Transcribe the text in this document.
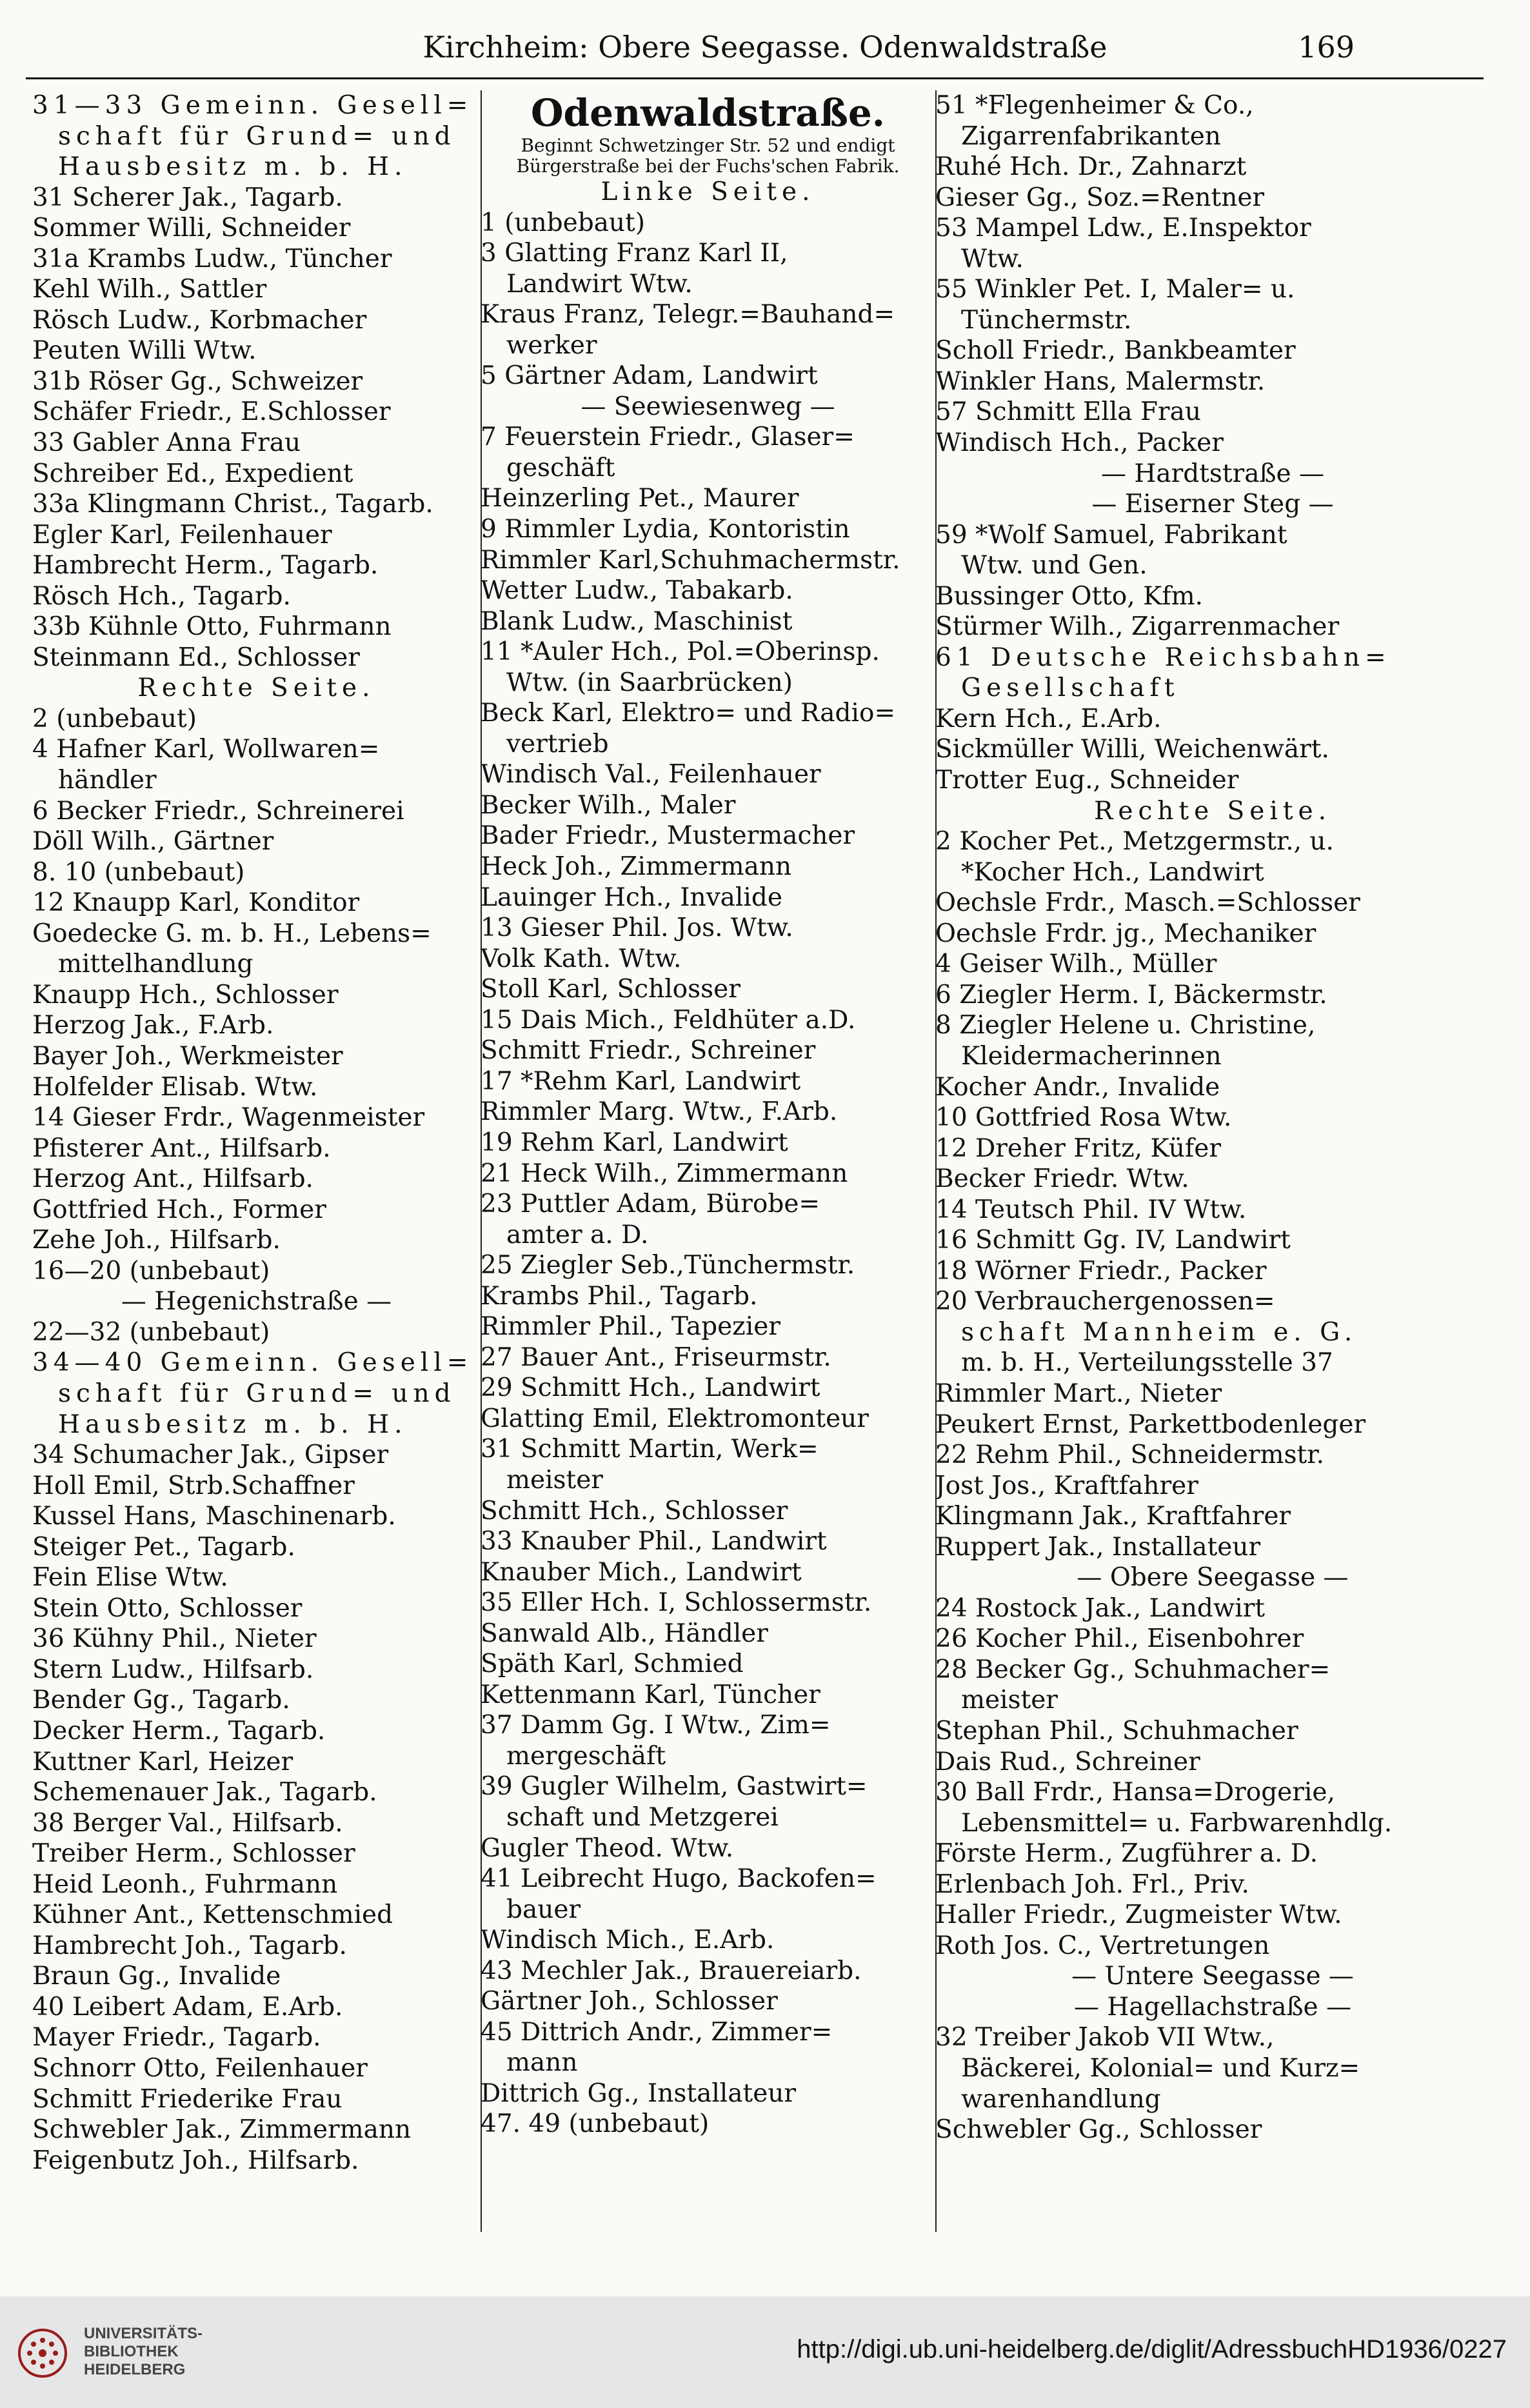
Kirchheim: Obere Seegasse. Odenwaldstraße	169
31—33 Gemeinn. Gesell=
schaft für Grund= und
Hausbesitz m. b. H.
31 Scherer Jak., Tagarb.
Sommer Willi, Schneider
31a Krambs Ludw., Tüncher
Kehl Wilh., Sattler
Rösch Ludw., Korbmacher
Peuten Willi Wtw.
31b Röser Gg., Schweizer
Schäfer Friedr., E.Schlosser
33 Gabler Anna Frau
Schreiber Ed., Expedient
33a Klingmann Christ., Tagarb.
Egler Karl, Feilenhauer
Hambrecht Herm., Tagarb.
Rösch Hch., Tagarb.
33b Kühnle Otto, Fuhrmann
Steinmann Ed., Schlosser
Rechte Seite.
2 (unbebaut)
4 Hafner Karl, Wollwaren=
händler
6 Becker Friedr., Schreinerei
Döll Wilh., Gärtner
8. 10 (unbebaut)
12 Knaupp Karl, Konditor
Goedecke G. m. b. H., Lebens=
mittelhandlung
Knaupp Hch., Schlosser
Herzog Jak., F.Arb.
Bayer Joh., Werkmeister
Holfelder Elisab. Wtw.
14 Gieser Frdr., Wagenmeister
Pfisterer Ant., Hilfsarb.
Herzog Ant., Hilfsarb.
Gottfried Hch., Former
Zehe Joh., Hilfsarb.
16—20 (unbebaut)
— Hegenichstraße —
22—32 (unbebaut)
34—40 Gemeinn. Gesell=
schaft für Grund= und
Hausbesitz m. b. H.
34 Schumacher Jak., Gipser
Holl Emil, Strb.Schaffner
Kussel Hans, Maschinenarb.
Steiger Pet., Tagarb.
Fein Elise Wtw.
Stein Otto, Schlosser
36 Kühny Phil., Nieter
Stern Ludw., Hilfsarb.
Bender Gg., Tagarb.
Decker Herm., Tagarb.
Kuttner Karl, Heizer
Schemenauer Jak., Tagarb.
38 Berger Val., Hilfsarb.
Treiber Herm., Schlosser
Heid Leonh., Fuhrmann
Kühner Ant., Kettenschmied
Hambrecht Joh., Tagarb.
Braun Gg., Invalide
40 Leibert Adam, E.Arb.
Mayer Friedr., Tagarb.
Schnorr Otto, Feilenhauer
Schmitt Friederike Frau
Schwebler Jak., Zimmermann
Feigenbutz Joh., Hilfsarb.
Odenwaldstraße.
Beginnt Schwetzinger Str. 52 und endigt Bürgerstraße bei der Fuchs'schen Fabrik.
Linke Seite.
1 (unbebaut)
3 Glatting Franz Karl II,
Landwirt Wtw.
Kraus Franz, Telegr.=Bauhand=
werker
5 Gärtner Adam, Landwirt
— Seewiesenweg —
7 Feuerstein Friedr., Glaser=
geschäft
Heinzerling Pet., Maurer
9 Rimmler Lydia, Kontoristin
Rimmler Karl,Schuhmachermstr.
Wetter Ludw., Tabakarb.
Blank Ludw., Maschinist
11 *Auler Hch., Pol.=Oberinsp.
Wtw. (in Saarbrücken)
Beck Karl, Elektro= und Radio=
vertrieb
Windisch Val., Feilenhauer
Becker Wilh., Maler
Bader Friedr., Mustermacher
Heck Joh., Zimmermann
Lauinger Hch., Invalide
13 Gieser Phil. Jos. Wtw.
Volk Kath. Wtw.
Stoll Karl, Schlosser
15 Dais Mich., Feldhüter a.D.
Schmitt Friedr., Schreiner
17 *Rehm Karl, Landwirt
Rimmler Marg. Wtw., F.Arb.
19 Rehm Karl, Landwirt
21 Heck Wilh., Zimmermann
23 Puttler Adam, Bürobe=
amter a. D.
25 Ziegler Seb.,Tünchermstr.
Krambs Phil., Tagarb.
Rimmler Phil., Tapezier
27 Bauer Ant., Friseurmstr.
29 Schmitt Hch., Landwirt
Glatting Emil, Elektromonteur
31 Schmitt Martin, Werk=
meister
Schmitt Hch., Schlosser
33 Knauber Phil., Landwirt
Knauber Mich., Landwirt
35 Eller Hch. I, Schlossermstr.
Sanwald Alb., Händler
Späth Karl, Schmied
Kettenmann Karl, Tüncher
37 Damm Gg. I Wtw., Zim=
mergeschäft
39 Gugler Wilhelm, Gastwirt=
schaft und Metzgerei
Gugler Theod. Wtw.
41 Leibrecht Hugo, Backofen=
bauer
Windisch Mich., E.Arb.
43 Mechler Jak., Brauereiarb.
Gärtner Joh., Schlosser
45 Dittrich Andr., Zimmer=
mann
Dittrich Gg., Installateur
47. 49 (unbebaut)
51 *Flegenheimer & Co.,
Zigarrenfabrikanten
Ruhé Hch. Dr., Zahnarzt
Gieser Gg., Soz.=Rentner
53 Mampel Ldw., E.Inspektor
Wtw.
55 Winkler Pet. I, Maler= u.
Tünchermstr.
Scholl Friedr., Bankbeamter
Winkler Hans, Malermstr.
57 Schmitt Ella Frau
Windisch Hch., Packer
— Hardtstraße —
— Eiserner Steg —
59 *Wolf Samuel, Fabrikant
Wtw. und Gen.
Bussinger Otto, Kfm.
Stürmer Wilh., Zigarrenmacher
61 Deutsche Reichsbahn=
Gesellschaft
Kern Hch., E.Arb.
Sickmüller Willi, Weichenwärt.
Trotter Eug., Schneider
Rechte Seite.
2 Kocher Pet., Metzgermstr., u.
*Kocher Hch., Landwirt
Oechsle Frdr., Masch.=Schlosser
Oechsle Frdr. jg., Mechaniker
4 Geiser Wilh., Müller
6 Ziegler Herm. I, Bäckermstr.
8 Ziegler Helene u. Christine,
Kleidermacherinnen
Kocher Andr., Invalide
10 Gottfried Rosa Wtw.
12 Dreher Fritz, Küfer
Becker Friedr. Wtw.
14 Teutsch Phil. IV Wtw.
16 Schmitt Gg. IV, Landwirt
18 Wörner Friedr., Packer
20 Verbrauchergenossen=
schaft Mannheim e. G.
m. b. H., Verteilungsstelle 37
Rimmler Mart., Nieter
Peukert Ernst, Parkettbodenleger
22 Rehm Phil., Schneidermstr.
Jost Jos., Kraftfahrer
Klingmann Jak., Kraftfahrer
Ruppert Jak., Installateur
— Obere Seegasse —
24 Rostock Jak., Landwirt
26 Kocher Phil., Eisenbohrer
28 Becker Gg., Schuhmacher=
meister
Stephan Phil., Schuhmacher
Dais Rud., Schreiner
30 Ball Frdr., Hansa=Drogerie,
Lebensmittel= u. Farbwarenhdlg.
Förste Herm., Zugführer a. D.
Erlenbach Joh. Frl., Priv.
Haller Friedr., Zugmeister Wtw.
Roth Jos. C., Vertretungen
— Untere Seegasse —
— Hagellachstraße —
32 Treiber Jakob VII Wtw.,
Bäckerei, Kolonial= und Kurz=
warenhandlung
Schwebler Gg., Schlosser
UNIVERSITÄTS-
BIBLIOTHEK
HEIDELBERG
http://digi.ub.uni-heidelberg.de/diglit/AdressbuchHD1936/0227
